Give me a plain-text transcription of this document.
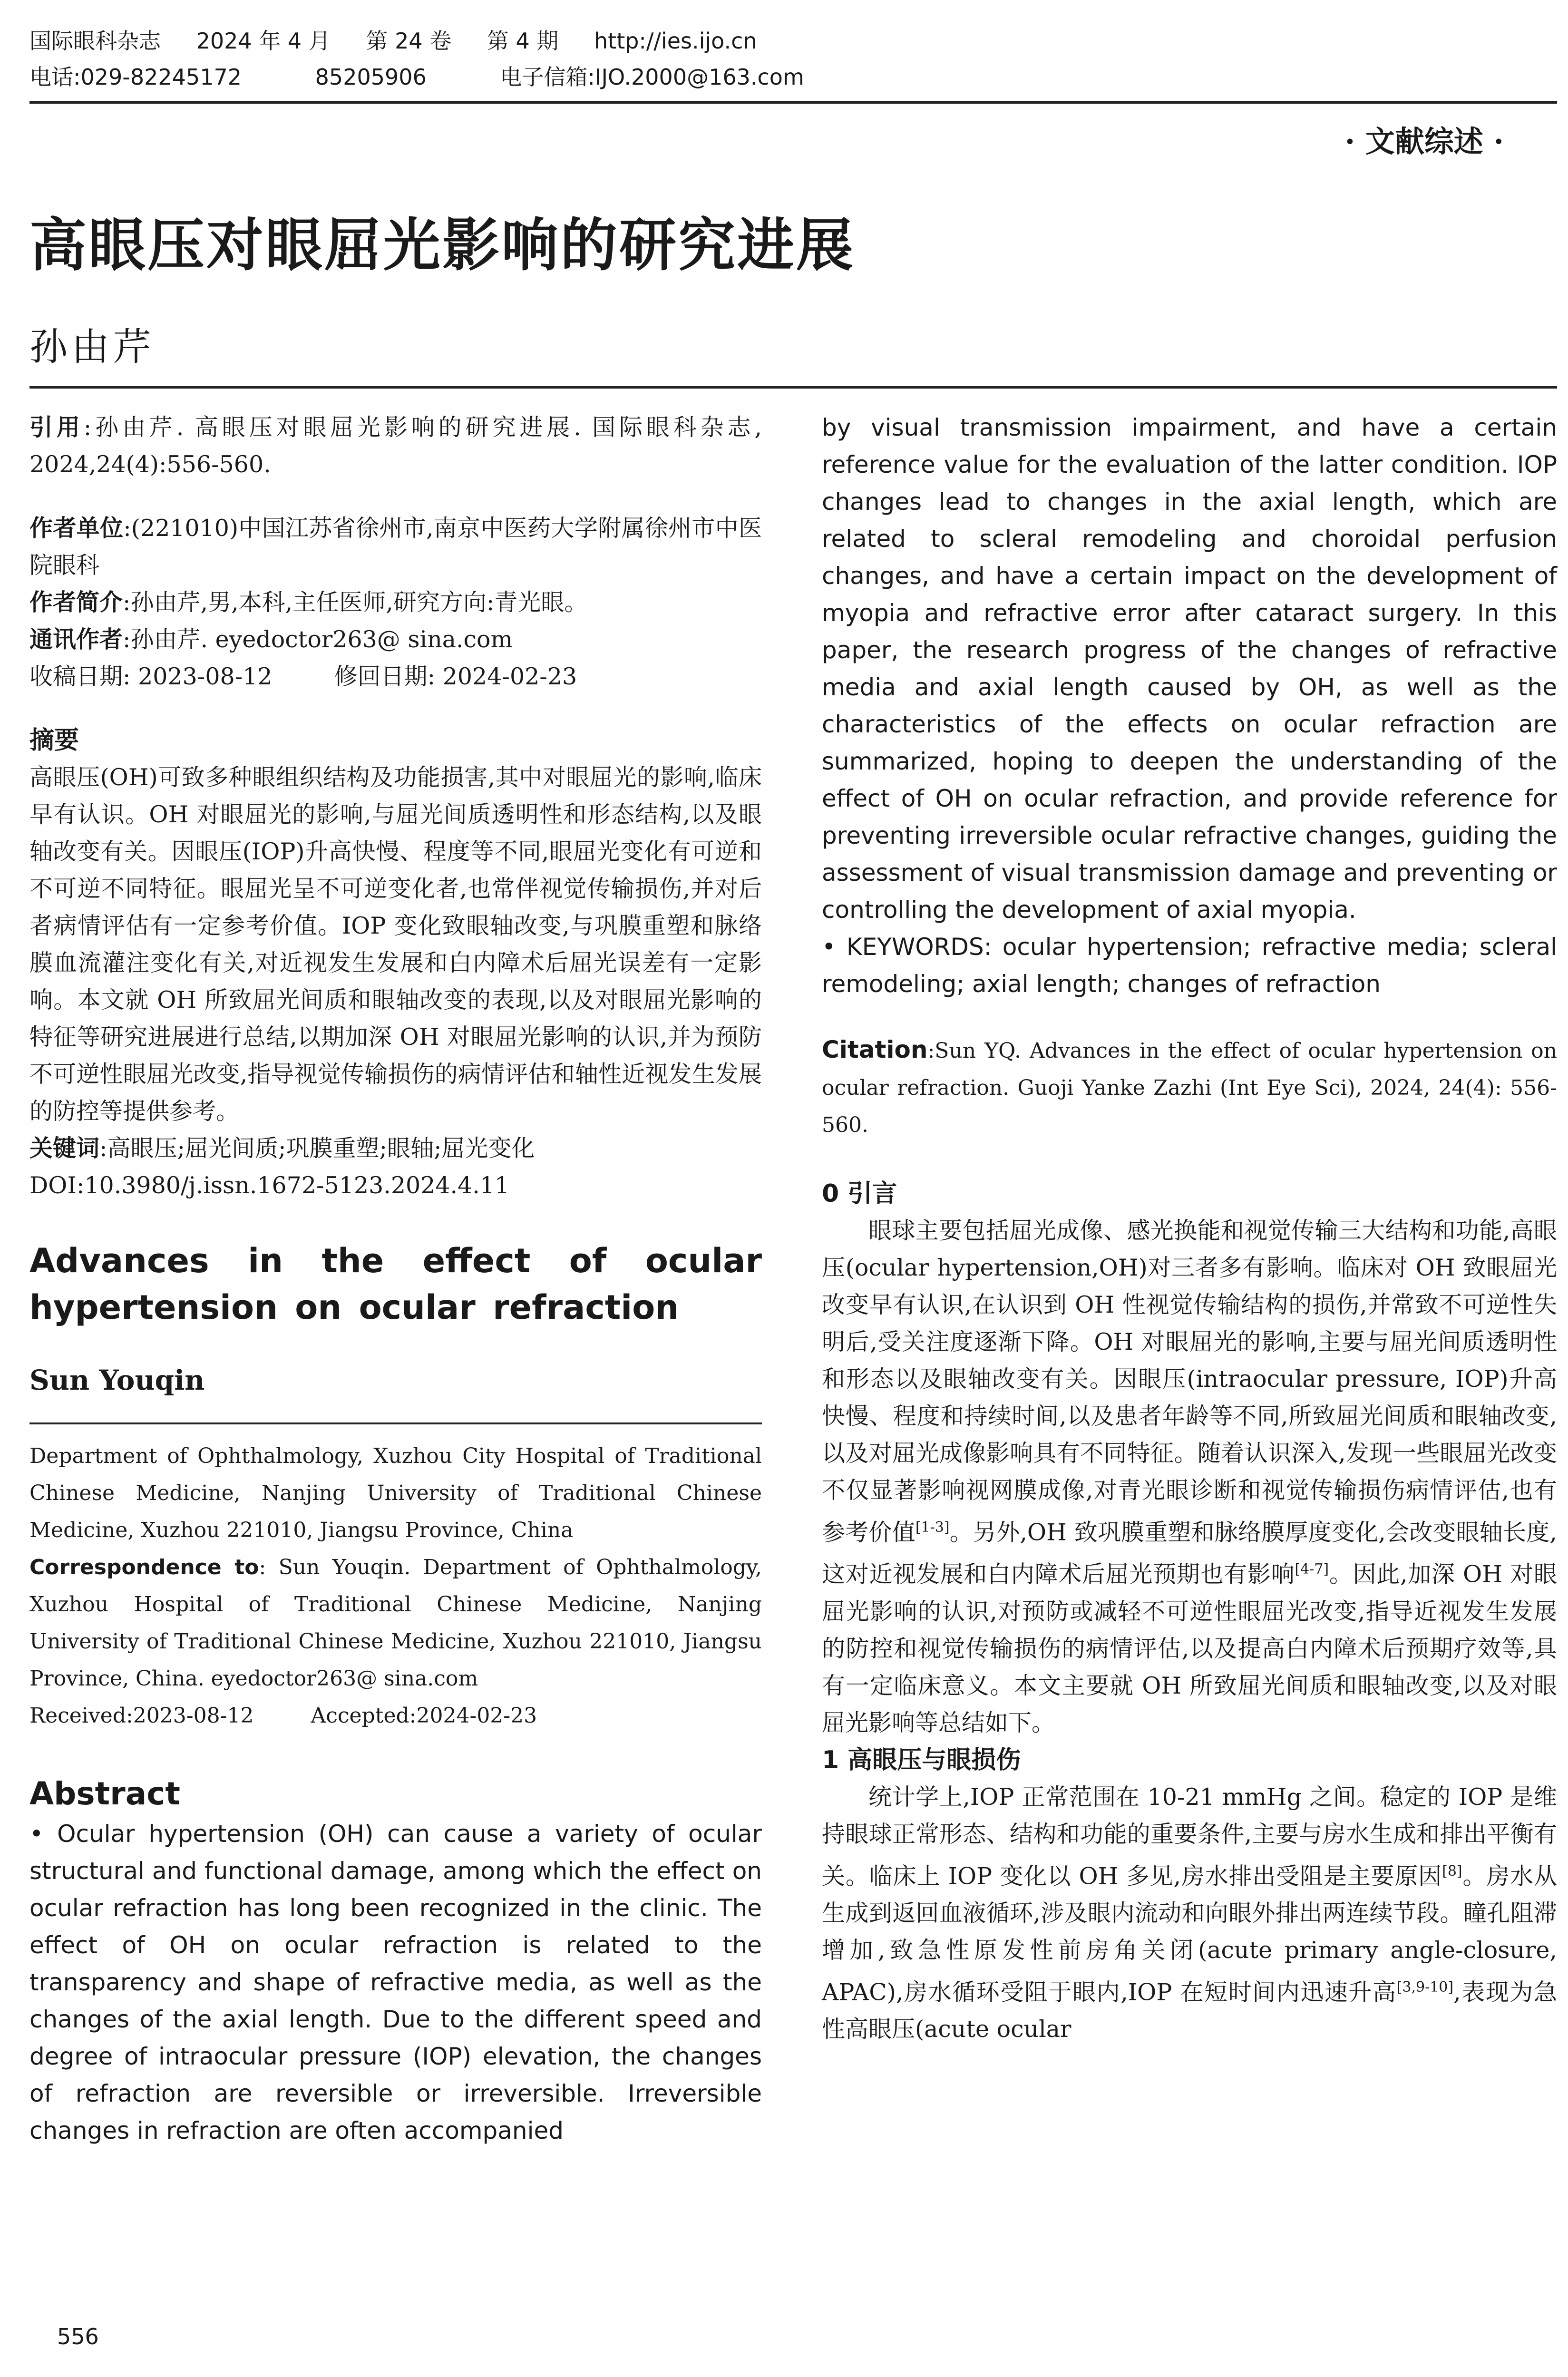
国际眼科杂志 2024 年 4 月 第 24 卷 第 4 期 http://ies.ijo.cn
电话:029-82245172	85205906	电子信箱:IJO.2000@163.com
· 文献综述 ·
高眼压对眼屈光影响的研究进展
孙由芹

引用:孙由芹. 高眼压对眼屈光影响的研究进展. 国际眼科杂志, 2024,24(4):556-560.

作者单位:(221010)中国江苏省徐州市,南京中医药大学附属徐州市中医院眼科

作者简介:孙由芹,男,本科,主任医师,研究方向:青光眼。

通讯作者:孙由芹. eyedoctor263@ sina.com

收稿日期: 2023-08-12	修回日期: 2024-02-23

摘要

高眼压(OH)可致多种眼组织结构及功能损害,其中对眼屈光的影响,临床早有认识。OH 对眼屈光的影响,与屈光间质透明性和形态结构,以及眼轴改变有关。因眼压(IOP)升高快慢、程度等不同,眼屈光变化有可逆和不可逆不同特征。眼屈光呈不可逆变化者,也常伴视觉传输损伤,并对后者病情评估有一定参考价值。IOP 变化致眼轴改变,与巩膜重塑和脉络膜血流灌注变化有关,对近视发生发展和白内障术后屈光误差有一定影响。本文就 OH 所致屈光间质和眼轴改变的表现,以及对眼屈光影响的特征等研究进展进行总结,以期加深 OH 对眼屈光影响的认识,并为预防不可逆性眼屈光改变,指导视觉传输损伤的病情评估和轴性近视发生发展的防控等提供参考。

关键词:高眼压;屈光间质;巩膜重塑;眼轴;屈光变化

DOI:10.3980/j.issn.1672-5123.2024.4.11

Advances in the effect of ocular hypertension on ocular refraction
Sun Youqin

Department of Ophthalmology, Xuzhou City Hospital of Traditional Chinese Medicine, Nanjing University of Traditional Chinese Medicine, Xuzhou 221010, Jiangsu Province, China

Correspondence to: Sun Youqin. Department of Ophthalmology, Xuzhou Hospital of Traditional Chinese Medicine, Nanjing University of Traditional Chinese Medicine, Xuzhou 221010, Jiangsu Province, China. eyedoctor263@ sina.com

Received:2023-08-12	Accepted:2024-02-23

Abstract

• Ocular hypertension (OH) can cause a variety of ocular structural and functional damage, among which the effect on ocular refraction has long been recognized in the clinic. The effect of OH on ocular refraction is related to the transparency and shape of refractive media, as well as the changes of the axial length. Due to the different speed and degree of intraocular pressure (IOP) elevation, the changes of refraction are reversible or irreversible. Irreversible changes in refraction are often accompanied

by visual transmission impairment, and have a certain reference value for the evaluation of the latter condition. IOP changes lead to changes in the axial length, which are related to scleral remodeling and choroidal perfusion changes, and have a certain impact on the development of myopia and refractive error after cataract surgery. In this paper, the research progress of the changes of refractive media and axial length caused by OH, as well as the characteristics of the effects on ocular refraction are summarized, hoping to deepen the understanding of the effect of OH on ocular refraction, and provide reference for preventing irreversible ocular refractive changes, guiding the assessment of visual transmission damage and preventing or controlling the development of axial myopia.

• KEYWORDS: ocular hypertension; refractive media; scleral remodeling; axial length; changes of refraction

Citation:Sun YQ. Advances in the effect of ocular hypertension on ocular refraction. Guoji Yanke Zazhi (Int Eye Sci), 2024, 24(4): 556-560.
0 引言

眼球主要包括屈光成像、感光换能和视觉传输三大结构和功能,高眼压(ocular hypertension,OH)对三者多有影响。临床对 OH 致眼屈光改变早有认识,在认识到 OH 性视觉传输结构的损伤,并常致不可逆性失明后,受关注度逐渐下降。OH 对眼屈光的影响,主要与屈光间质透明性和形态以及眼轴改变有关。因眼压(intraocular pressure, IOP)升高快慢、程度和持续时间,以及患者年龄等不同,所致屈光间质和眼轴改变,以及对屈光成像影响具有不同特征。随着认识深入,发现一些眼屈光改变不仅显著影响视网膜成像,对青光眼诊断和视觉传输损伤病情评估,也有参考价值[1-3]。另外,OH 致巩膜重塑和脉络膜厚度变化,会改变眼轴长度,这对近视发展和白内障术后屈光预期也有影响[4-7]。因此,加深 OH 对眼屈光影响的认识,对预防或减轻不可逆性眼屈光改变,指导近视发生发展的防控和视觉传输损伤的病情评估,以及提高白内障术后预期疗效等,具有一定临床意义。本文主要就 OH 所致屈光间质和眼轴改变,以及对眼屈光影响等总结如下。

1 高眼压与眼损伤

统计学上,IOP 正常范围在 10-21 mmHg 之间。稳定的 IOP 是维持眼球正常形态、结构和功能的重要条件,主要与房水生成和排出平衡有关。临床上 IOP 变化以 OH 多见,房水排出受阻是主要原因[8]。房水从生成到返回血液循环,涉及眼内流动和向眼外排出两连续节段。瞳孔阻滞增加,致急性原发性前房角关闭(acute primary angle-closure, APAC),房水循环受阻于眼内,IOP 在短时间内迅速升高[3,9-10],表现为急性高眼压(acute ocular

556
